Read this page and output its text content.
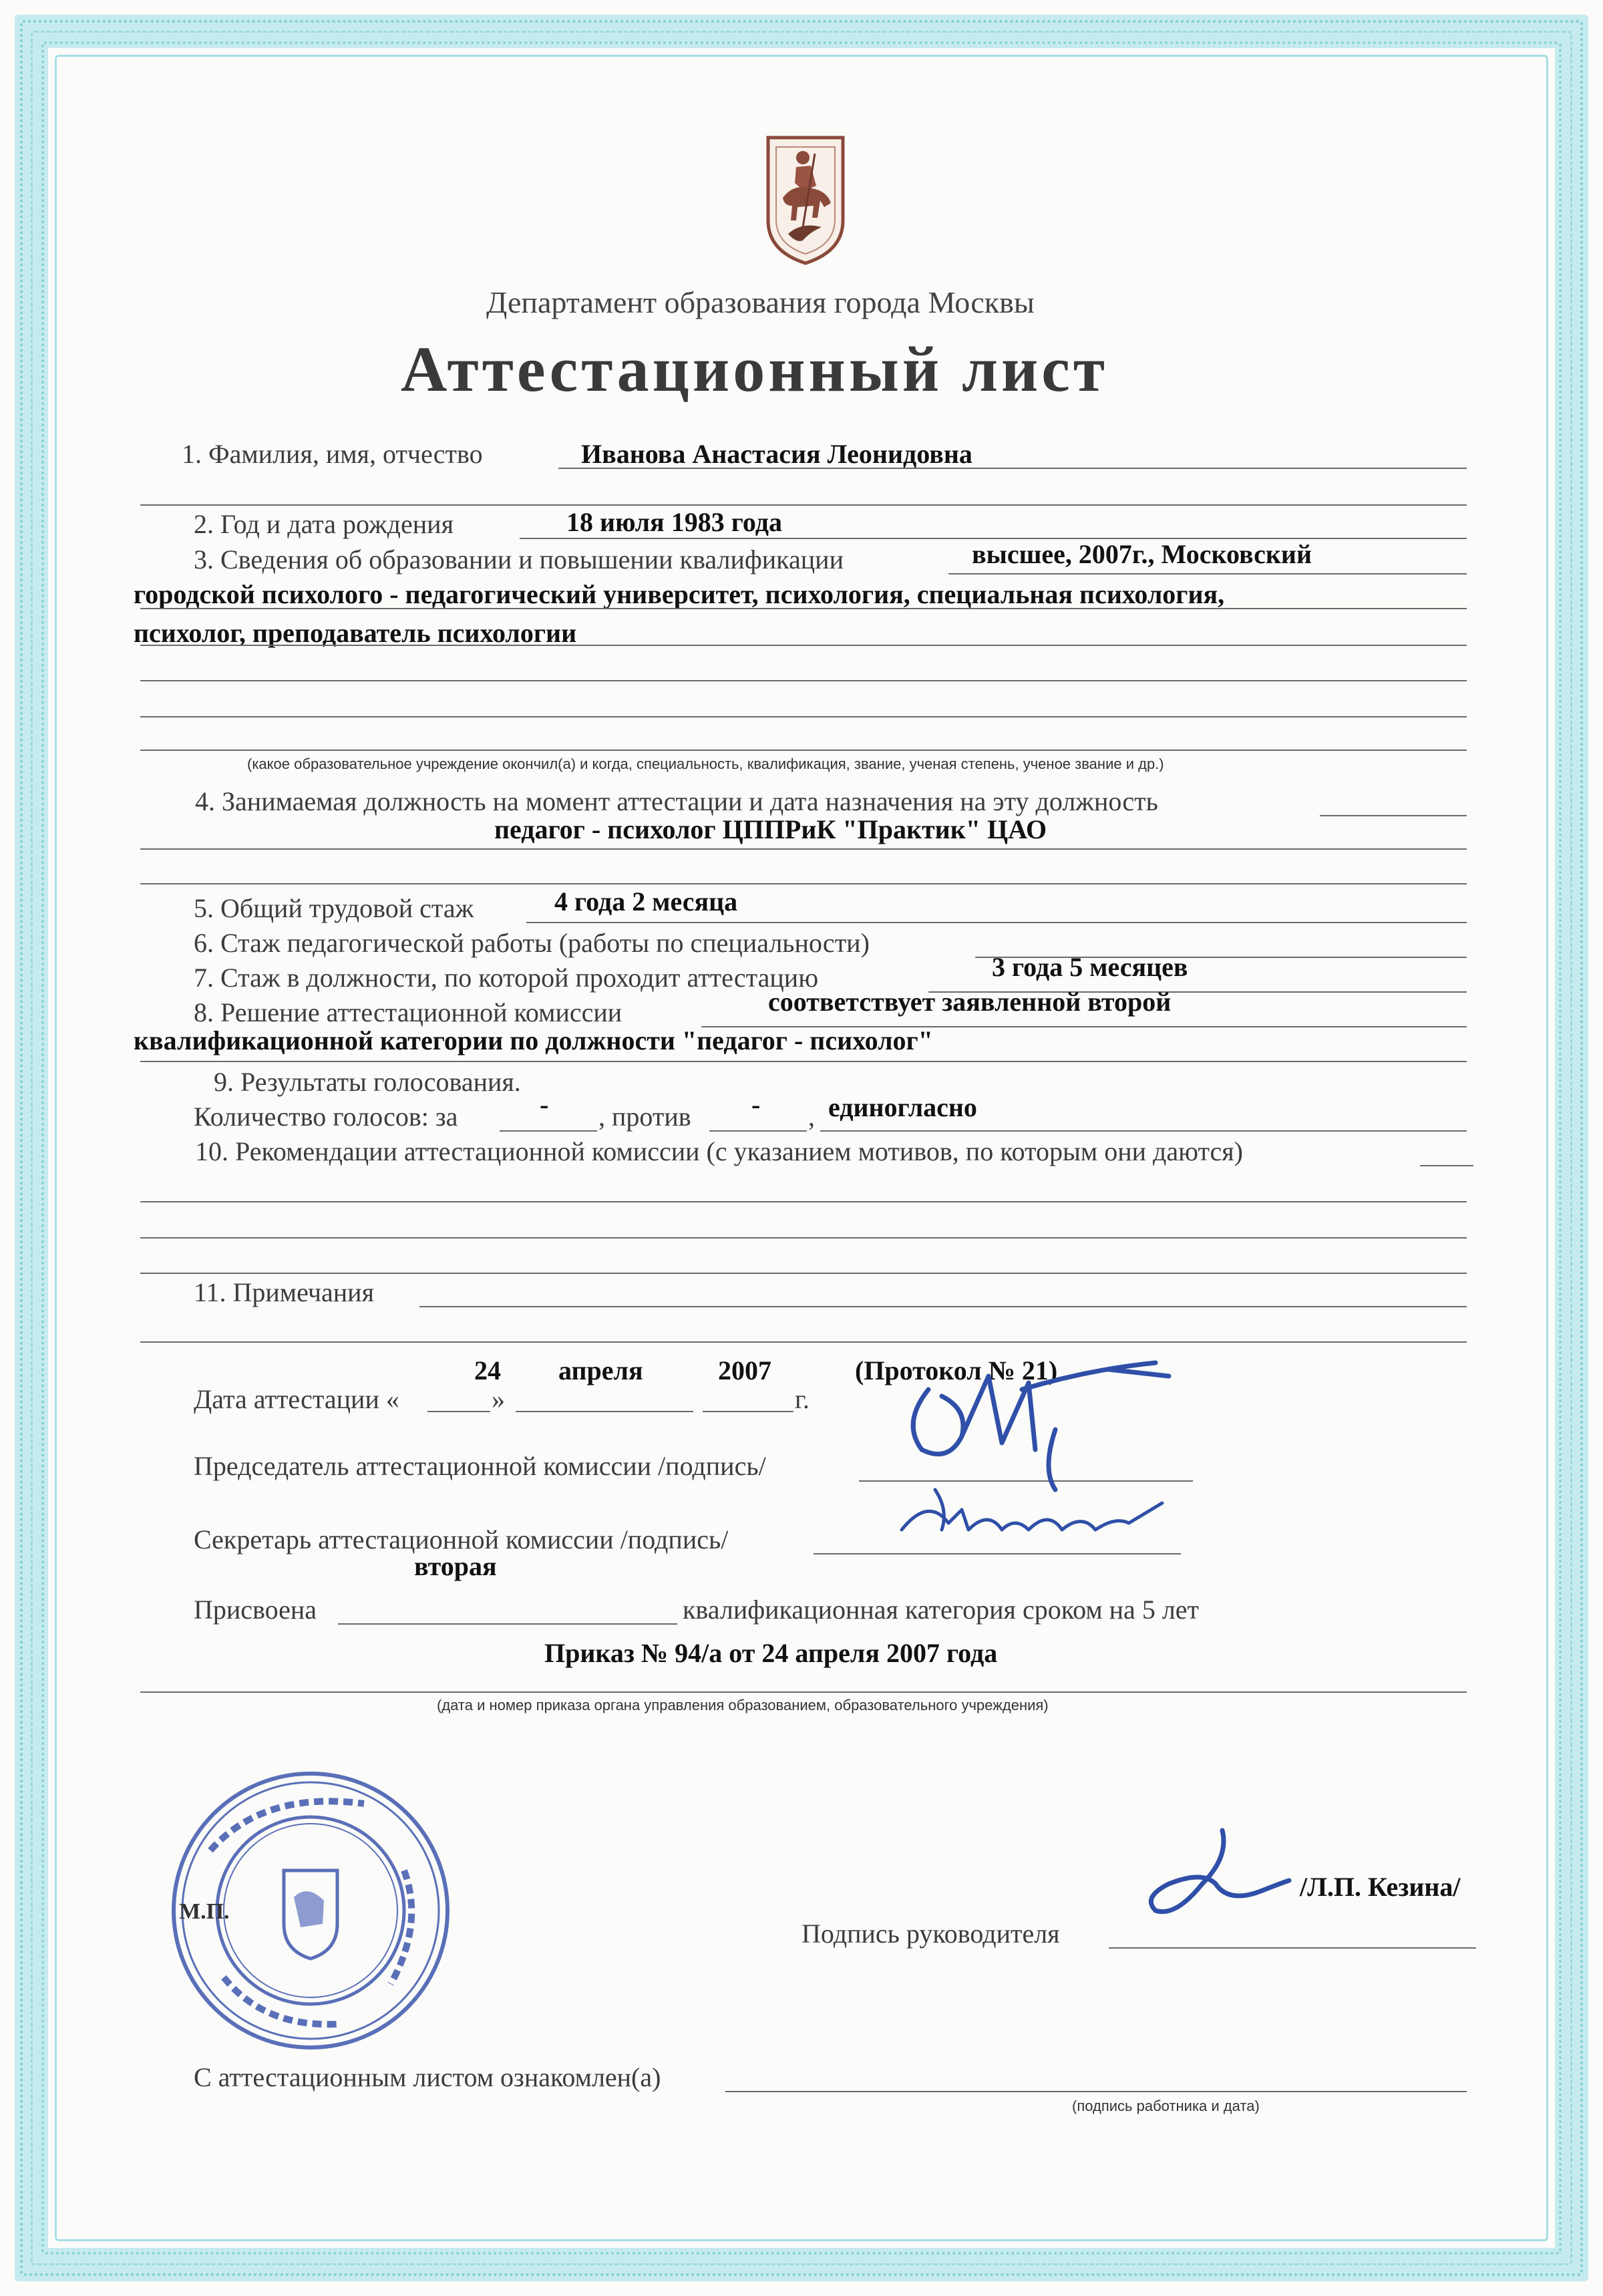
Департамент образования города Москвы
Аттестационный лист
1. Фамилия, имя, отчество	Иванова Анастасия Леонидовна
2. Год и дата рождения	18 июля 1983 года
3. Сведения об образовании и повышении квалификации	высшее, 2007г., Московский
городской психолого - педагогический университет, психология, специальная психология,
психолог, преподаватель психологии
(какое образовательное учреждение окончил(а) и когда, специальность, квалификация, звание, ученая степень, ученое звание и др.)
4. Занимаемая должность на момент аттестации и дата назначения на эту должность
педагог - психолог ЦППРиК "Практик" ЦАО
5. Общий трудовой стаж	4 года 2 месяца
6. Стаж педагогической работы (работы по специальности)
7. Стаж в должности, по которой проходит аттестацию	3 года 5 месяцев
8. Решение аттестационной комиссии	соответствует заявленной второй
квалификационной категории по должности "педагог - психолог"
9. Результаты голосования.
Количество голосов: за	- , против - , единогласно
10. Рекомендации аттестационной комиссии (с указанием мотивов, по которым они даются)
11. Примечания
24 апреля	2007	(Протокол № 21)
Дата аттестации «	»	г.
Председатель аттестационной комиссии /подпись/
Секретарь аттестационной комиссии /подпись/
вторая
Присвоена	квалификационная категория сроком на 5 лет
Приказ № 94/а от 24 апреля 2007 года
(дата и номер приказа органа управления образованием, образовательного учреждения)
М.П.
/Л.П. Кезина/
Подпись руководителя
С аттестационным листом ознакомлен(а)
(подпись работника и дата)
